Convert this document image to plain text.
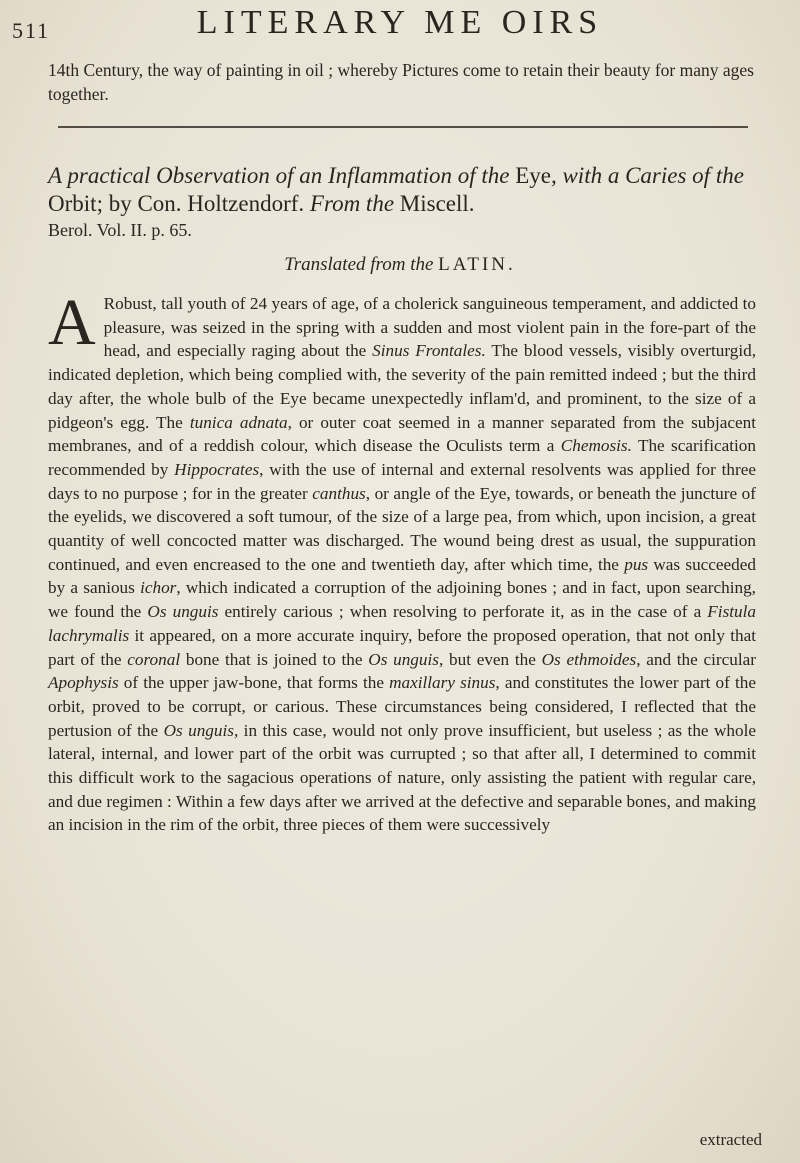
511	LITERARY ME OIRS
14th Century, the way of painting in oil ; whereby Pictures come to retain their beauty for many ages together.
A practical Observation of an Inflammation of the Eye, with a Caries of the Orbit; by Con. Holtzendorf. From the Miscell.
Berol. Vol. II. p. 65.
Translated from the LATIN.
A Robust, tall youth of 24 years of age, of a cholerick sanguineous temperament, and addicted to pleasure, was seized in the spring with a sudden and most violent pain in the fore-part of the head, and especially raging about the Sinus Frontales. The blood vessels, visibly overturgid, indicated depletion, which being complied with, the severity of the pain remitted indeed ; but the third day after, the whole bulb of the Eye became unexpectedly inflam'd, and prominent, to the size of a pidgeon's egg. The tunica adnata, or outer coat seemed in a manner separated from the subjacent membranes, and of a reddish colour, which disease the Oculists term a Chemosis. The scarification recommended by Hippocrates, with the use of internal and external resolvents was applied for three days to no purpose ; for in the greater canthus, or angle of the Eye, towards, or beneath the juncture of the eyelids, we discovered a soft tumour, of the size of a large pea, from which, upon incision, a great quantity of well concocted matter was discharged. The wound being drest as usual, the suppuration continued, and even encreased to the one and twentieth day, after which time, the pus was succeeded by a sanious ichor, which indicated a corruption of the adjoining bones ; and in fact, upon searching, we found the Os unguis entirely carious ; when resolving to perforate it, as in the case of a Fistula lachrymalis it appeared, on a more accurate inquiry, before the proposed operation, that not only that part of the coronal bone that is joined to the Os unguis, but even the Os ethmoides, and the circular Apophysis of the upper jaw-bone, that forms the maxillary sinus, and constitutes the lower part of the orbit, proved to be corrupt, or carious. These circumstances being considered, I reflected that the pertusion of the Os unguis, in this case, would not only prove insufficient, but useless ; as the whole lateral, internal, and lower part of the orbit was currupted ; so that after all, I determined to commit this difficult work to the sagacious operations of nature, only assisting the patient with regular care, and due regimen : Within a few days after we arrived at the defective and separable bones, and making an incision in the rim of the orbit, three pieces of them were successively
extracted
